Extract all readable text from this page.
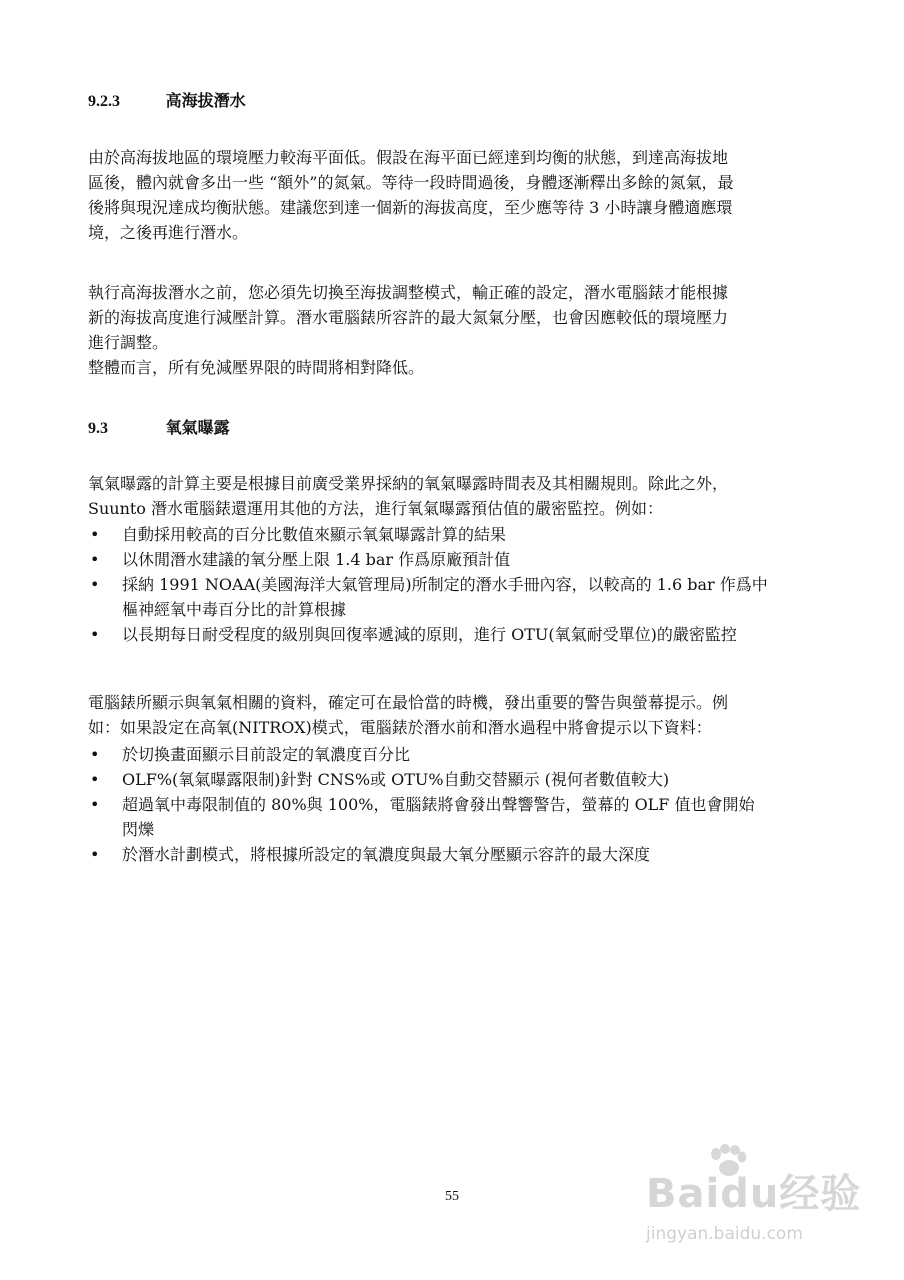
9.2.3	高海拔潛水

由於高海拔地區的環境壓力較海平面低。假設在海平面已經達到均衡的狀態，到達高海拔地
區後，體內就會多出一些 “額外”的氮氣。等待一段時間過後，身體逐漸釋出多餘的氮氣，最
後將與現況達成均衡狀態。建議您到達一個新的海拔高度，至少應等待 3 小時讓身體適應環
境，之後再進行潛水。

執行高海拔潛水之前，您必須先切換至海拔調整模式，輸正確的設定，潛水電腦錶才能根據
新的海拔高度進行減壓計算。潛水電腦錶所容許的最大氮氣分壓，也會因應較低的環境壓力
進行調整。
整體而言，所有免減壓界限的時間將相對降低。

9.3	氧氣曝露

氧氣曝露的計算主要是根據目前廣受業界採納的氧氣曝露時間表及其相關規則。除此之外，
Suunto 潛水電腦錶還運用其他的方法，進行氧氣曝露預估值的嚴密監控。例如：

• 自動採用較高的百分比數值來顯示氧氣曝露計算的結果
• 以休閒潛水建議的氧分壓上限 1.4 bar 作爲原廠預計值
• 採納 1991 NOAA(美國海洋大氣管理局)所制定的潛水手冊內容，以較高的 1.6 bar 作爲中
樞神經氧中毒百分比的計算根據
• 以長期每日耐受程度的級別與回復率遞減的原則，進行 OTU(氧氣耐受單位)的嚴密監控

電腦錶所顯示與氧氣相關的資料，確定可在最恰當的時機，發出重要的警告與螢幕提示。例
如：如果設定在高氧(NITROX)模式，電腦錶於潛水前和潛水過程中將會提示以下資料：

• 於切換畫面顯示目前設定的氧濃度百分比
• OLF%(氧氣曝露限制)針對 CNS%或 OTU%自動交替顯示 (視何者數值較大)
• 超過氧中毒限制值的 80%與 100%，電腦錶將會發出聲響警告，螢幕的 OLF 值也會開始
閃爍
• 於潛水計劃模式，將根據所設定的氧濃度與最大氧分壓顯示容許的最大深度
55	Baidu经验
jingyan.baidu.com
